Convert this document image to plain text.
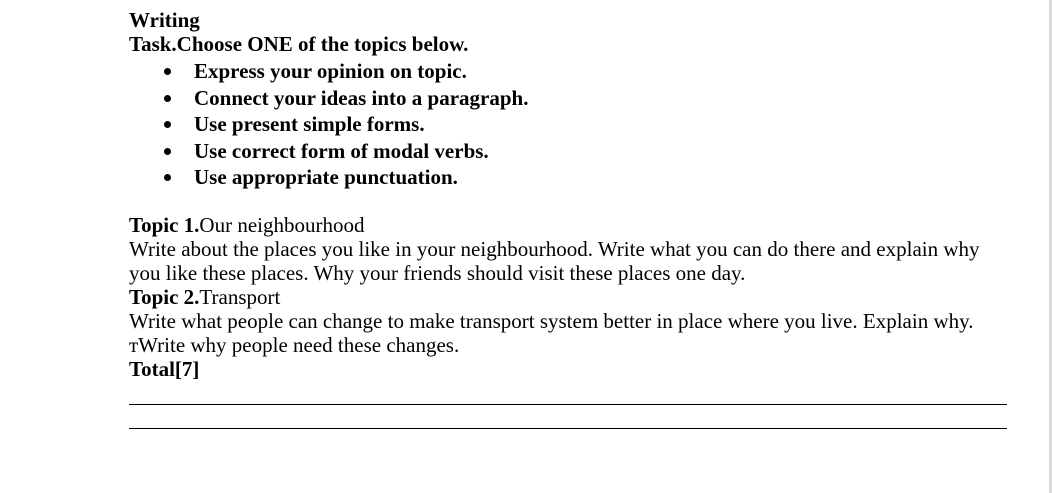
Writing
Task.Choose ONE of the topics below.
Express your opinion on topic.
Connect your ideas into a paragraph.
Use present simple forms.
Use correct form of modal verbs.
Use appropriate punctuation.
Topic 1.Our neighbourhood
Write about the places you like in your neighbourhood. Write what you can do there and explain why you like these places. Why your friends should visit these places one day.
Topic 2.Transport
Write what people can change to make transport system better in place where you live. Explain why. тWrite why people need these changes.
Total[7]
